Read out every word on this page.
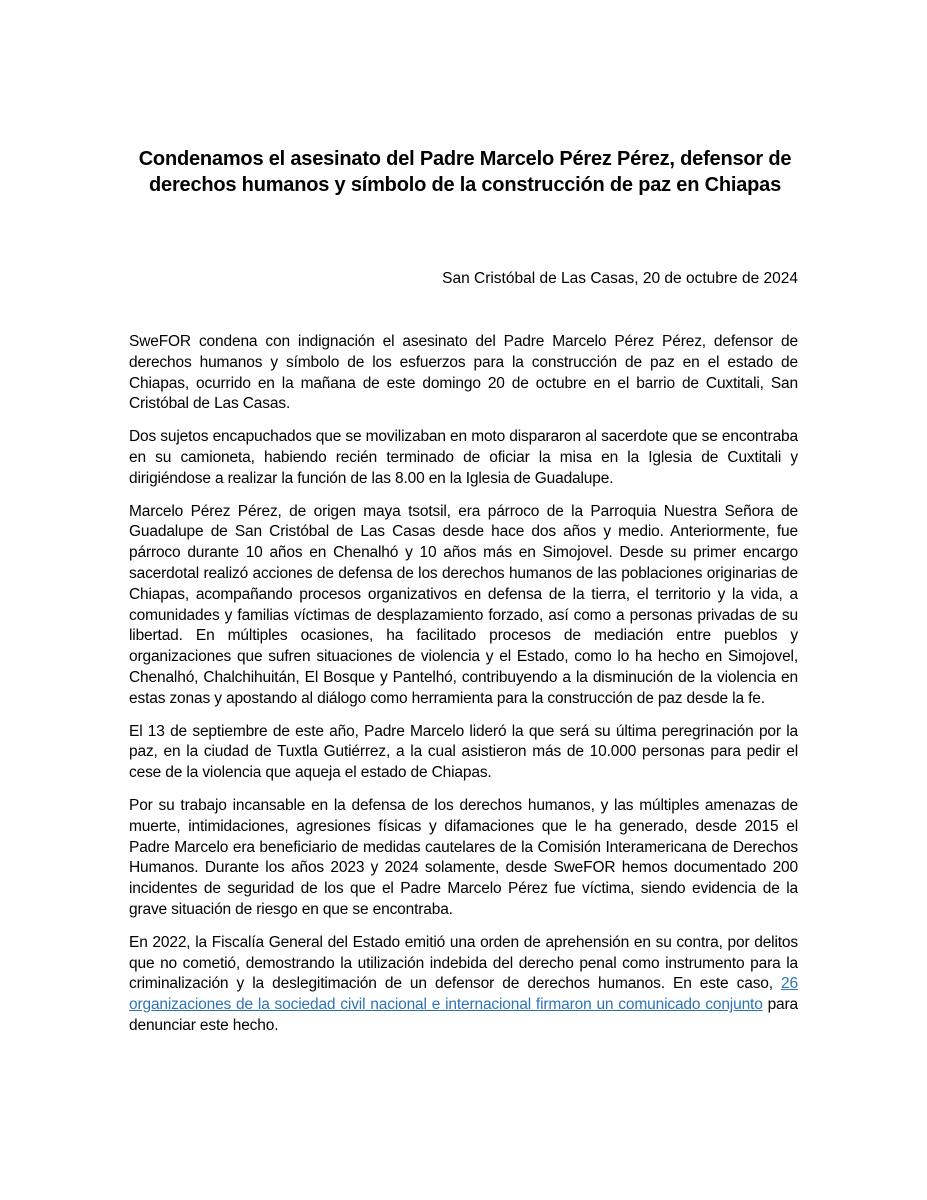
Condenamos el asesinato del Padre Marcelo Pérez Pérez, defensor de derechos humanos y símbolo de la construcción de paz en Chiapas

San Cristóbal de Las Casas, 20 de octubre de 2024

SweFOR condena con indignación el asesinato del Padre Marcelo Pérez Pérez, defensor de derechos humanos y símbolo de los esfuerzos para la construcción de paz en el estado de Chiapas, ocurrido en la mañana de este domingo 20 de octubre en el barrio de Cuxtitali, San Cristóbal de Las Casas.

Dos sujetos encapuchados que se movilizaban en moto dispararon al sacerdote que se encontraba en su camioneta, habiendo recién terminado de oficiar la misa en la Iglesia de Cuxtitali y dirigiéndose a realizar la función de las 8.00 en la Iglesia de Guadalupe.

Marcelo Pérez Pérez, de origen maya tsotsil, era párroco de la Parroquia Nuestra Señora de Guadalupe de San Cristóbal de Las Casas desde hace dos años y medio. Anteriormente, fue párroco durante 10 años en Chenalhó y 10 años más en Simojovel. Desde su primer encargo sacerdotal realizó acciones de defensa de los derechos humanos de las poblaciones originarias de Chiapas, acompañando procesos organizativos en defensa de la tierra, el territorio y la vida, a comunidades y familias víctimas de desplazamiento forzado, así como a personas privadas de su libertad. En múltiples ocasiones, ha facilitado procesos de mediación entre pueblos y organizaciones que sufren situaciones de violencia y el Estado, como lo ha hecho en Simojovel, Chenalhó, Chalchihuitán, El Bosque y Pantelhó, contribuyendo a la disminución de la violencia en estas zonas y apostando al diálogo como herramienta para la construcción de paz desde la fe.

El 13 de septiembre de este año, Padre Marcelo lideró la que será su última peregrinación por la paz, en la ciudad de Tuxtla Gutiérrez, a la cual asistieron más de 10.000 personas para pedir el cese de la violencia que aqueja el estado de Chiapas.

Por su trabajo incansable en la defensa de los derechos humanos, y las múltiples amenazas de muerte, intimidaciones, agresiones físicas y difamaciones que le ha generado, desde 2015 el Padre Marcelo era beneficiario de medidas cautelares de la Comisión Interamericana de Derechos Humanos. Durante los años 2023 y 2024 solamente, desde SweFOR hemos documentado 200 incidentes de seguridad de los que el Padre Marcelo Pérez fue víctima, siendo evidencia de la grave situación de riesgo en que se encontraba.

En 2022, la Fiscalía General del Estado emitió una orden de aprehensión en su contra, por delitos que no cometió, demostrando la utilización indebida del derecho penal como instrumento para la criminalización y la deslegitimación de un defensor de derechos humanos. En este caso, 26 organizaciones de la sociedad civil nacional e internacional firmaron un comunicado conjunto para denunciar este hecho.
